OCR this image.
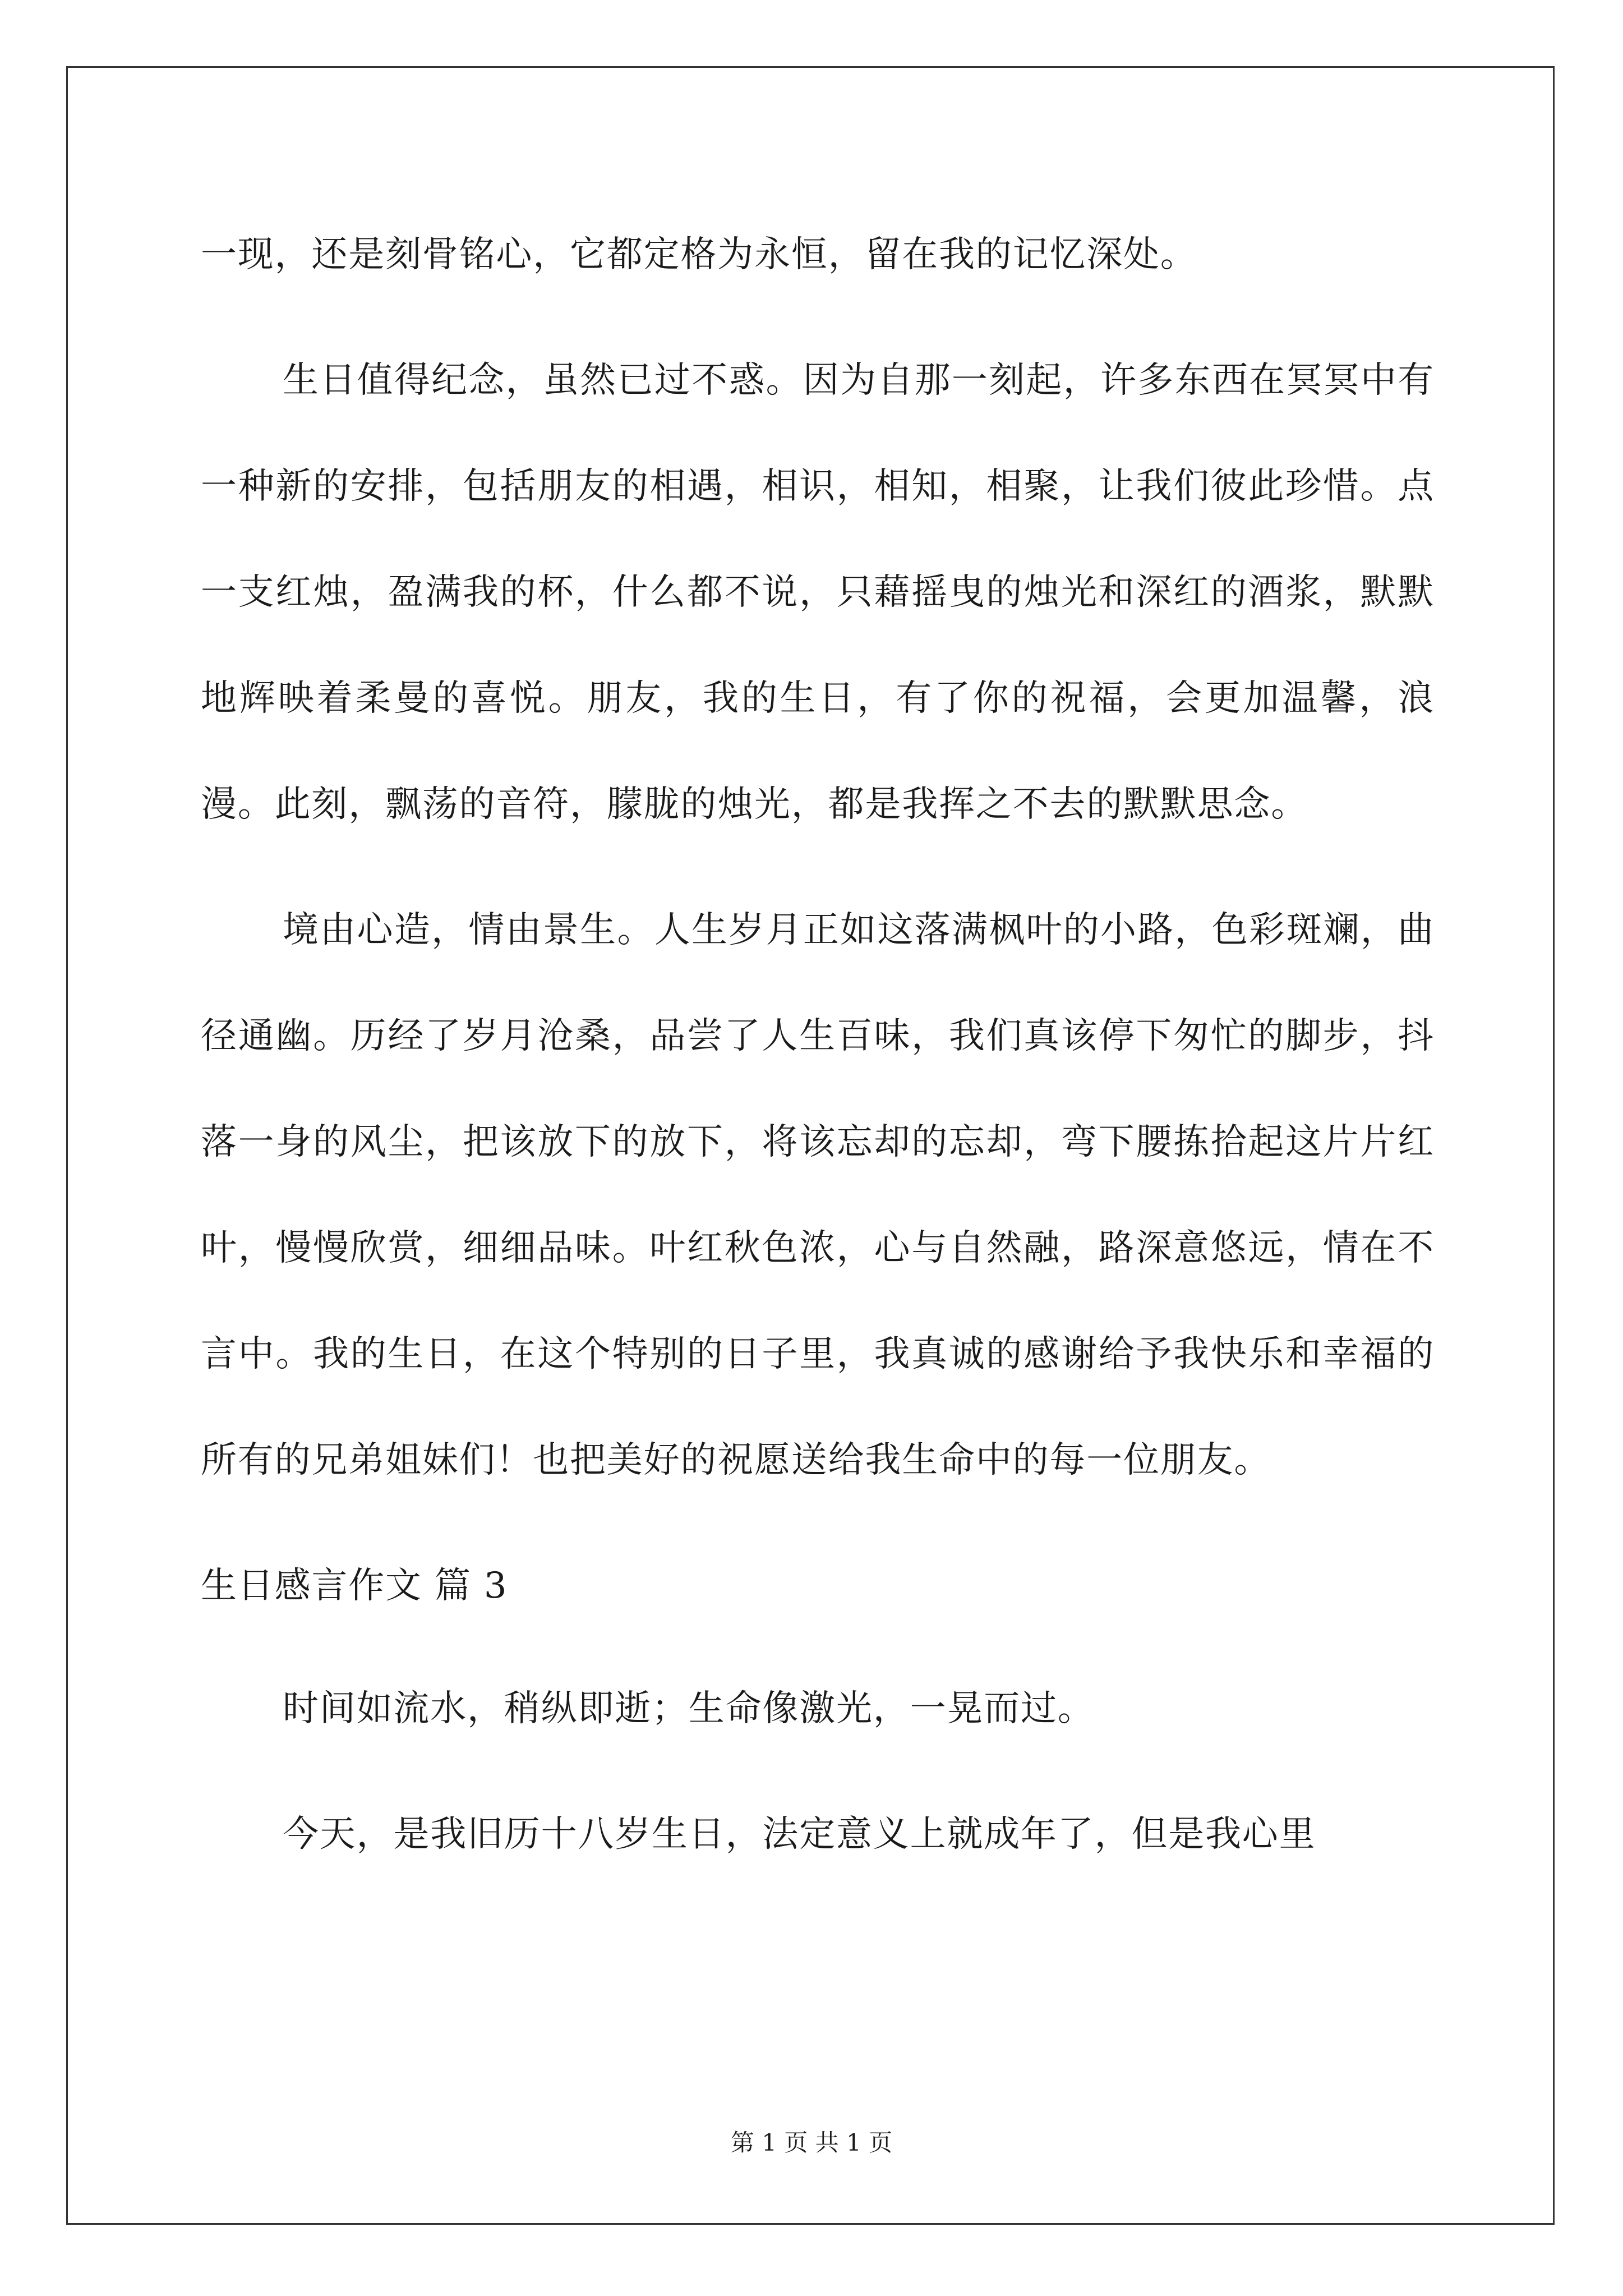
一现，还是刻骨铭心，它都定格为永恒，留在我的记忆深处。

生日值得纪念，虽然已过不惑。因为自那一刻起，许多东西在冥冥中有一种新的安排，包括朋友的相遇，相识，相知，相聚，让我们彼此珍惜。点一支红烛，盈满我的杯，什么都不说，只藉摇曳的烛光和深红的酒浆，默默地辉映着柔曼的喜悦。朋友，我的生日，有了你的祝福，会更加温馨，浪漫。此刻，飘荡的音符，朦胧的烛光，都是我挥之不去的默默思念。

境由心造，情由景生。人生岁月正如这落满枫叶的小路，色彩斑斓，曲径通幽。历经了岁月沧桑，品尝了人生百味，我们真该停下匆忙的脚步，抖落一身的风尘，把该放下的放下，将该忘却的忘却，弯下腰拣拾起这片片红叶，慢慢欣赏，细细品味。叶红秋色浓，心与自然融，路深意悠远，情在不言中。我的生日，在这个特别的日子里，我真诚的感谢给予我快乐和幸福的所有的兄弟姐妹们！也把美好的祝愿送给我生命中的每一位朋友。

生日感言作文 篇 3

时间如流水，稍纵即逝；生命像激光，一晃而过。

今天，是我旧历十八岁生日，法定意义上就成年了，但是我心里

第 1 页 共 1 页
